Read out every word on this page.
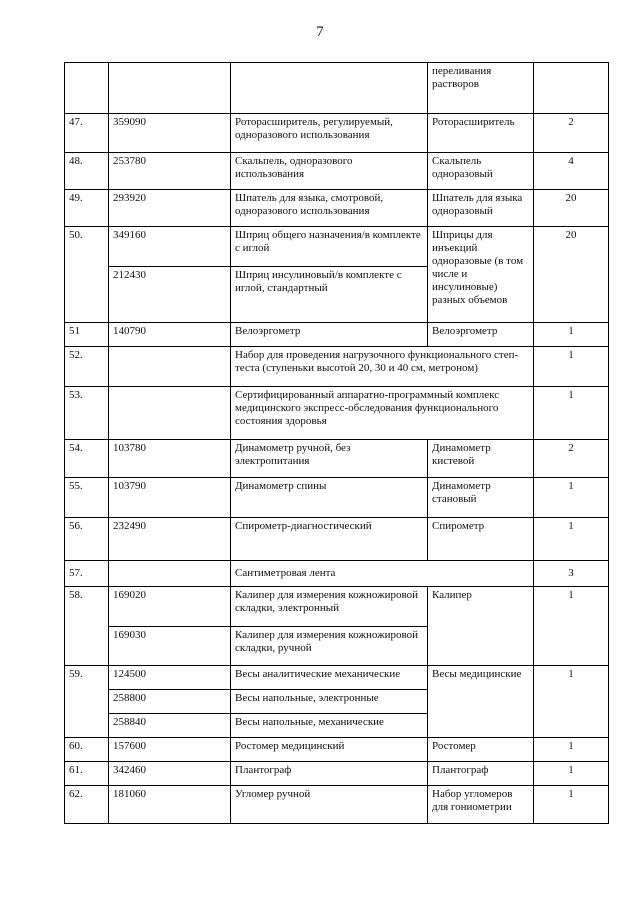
7
			переливания растворов	
47.	359090	Роторасширитель, регулируемый, одноразового использования	Роторасширитель	2
48.	253780	Скальпель, одноразового использования	Скальпель одноразовый	4
49.	293920	Шпатель для языка, смотровой, одноразового использования	Шпатель для языка одноразовый	20
50.	349160	Шприц общего назначения/в комплекте с иглой	Шприцы для инъекций одноразовые (в том числе и инсулиновые) разных объемов	20
	212430	Шприц инсулиновый/в комплекте с иглой, стандартный		
51	140790	Велоэргометр	Велоэргометр	1
52.		Набор для проведения нагрузочного функционального степ-теста (ступеньки высотой 20, 30 и 40 см, метроном)		1
53.		Сертифицированный аппаратно-программный комплекс медицинского экспресс-обследования функционального состояния здоровья		1
54.	103780	Динамометр ручной, без электропитания	Динамометр кистевой	2
55.	103790	Динамометр спины	Динамометр становый	1
56.	232490	Спирометр-диагностический	Спирометр	1
57.		Сантиметровая лента		3
58.	169020	Калипер для измерения кожножировой складки, электронный	Калипер	1
	169030	Калипер для измерения кожножировой складки, ручной		
59.	124500	Весы аналитические механические	Весы медицинские	1
	258800	Весы напольные, электронные		
	258840	Весы напольные, механические		
60.	157600	Ростомер медицинский	Ростомер	1
61.	342460	Плантограф	Плантограф	1
62.	181060	Угломер ручной	Набор угломеров для гониометрии	1
